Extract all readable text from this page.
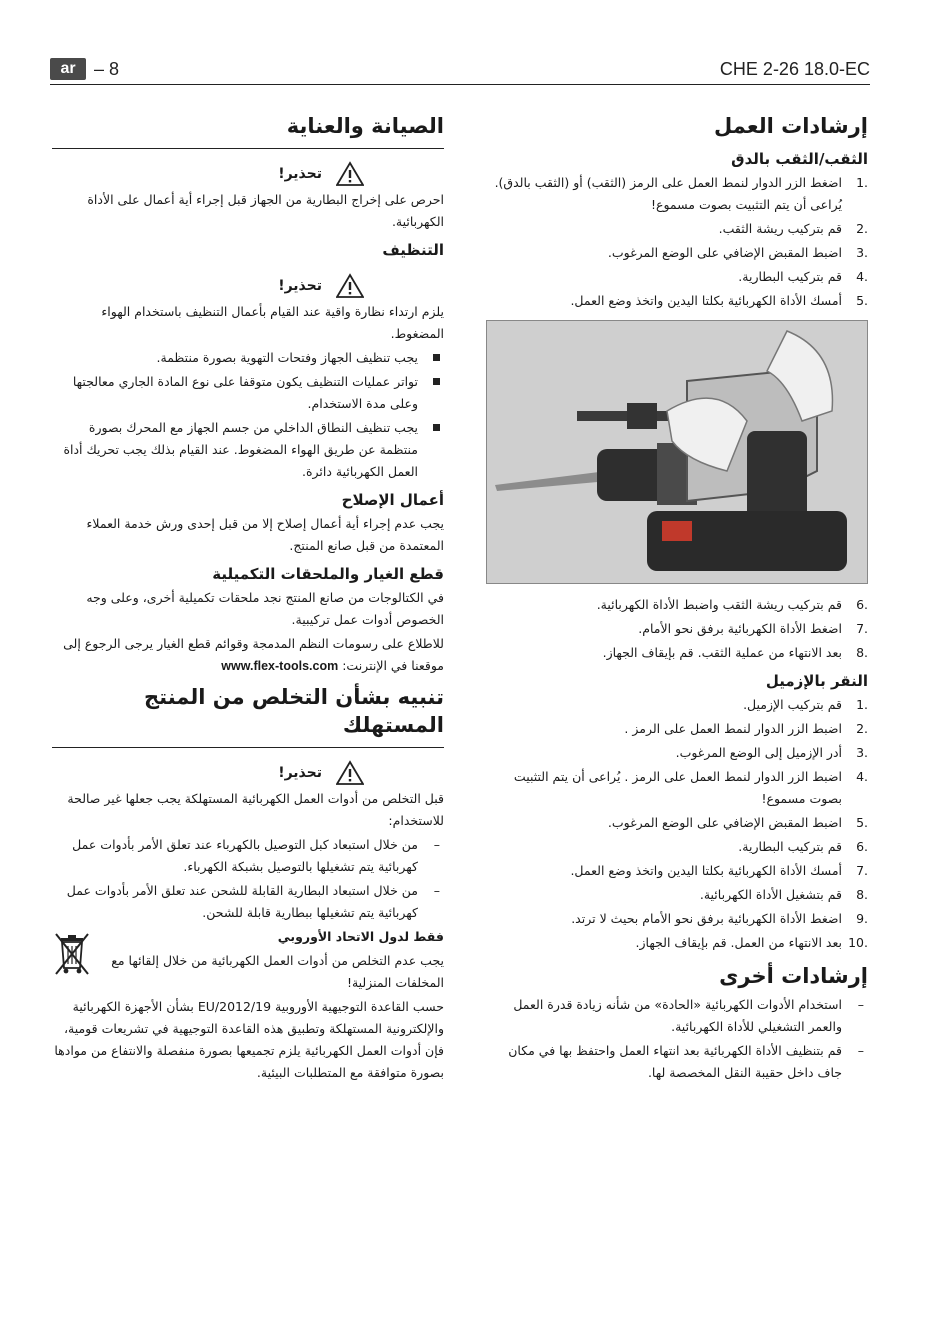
ar	– 8	CHE 2-26 18.0-EC
الصيانة والعناية
تحذير!
احرص على إخراج البطارية من الجهاز قبل إجراء أية أعمال على الأداة الكهربائية.
التنظيف
تحذير!
يلزم ارتداء نظارة واقية عند القيام بأعمال التنظيف باستخدام الهواء المضغوط.
يجب تنظيف الجهاز وفتحات التهوية بصورة منتظمة.
تواتر عمليات التنظيف يكون متوقفا على نوع المادة الجاري معالجتها وعلى مدة الاستخدام.
يجب تنظيف النطاق الداخلي من جسم الجهاز مع المحرك بصورة منتظمة عن طريق الهواء المضغوط. عند القيام بذلك يجب تحريك أداة العمل الكهربائية دائرة.
أعمال الإصلاح
يجب عدم إجراء أية أعمال إصلاح إلا من قبل إحدى ورش خدمة العملاء المعتمدة من قبل صانع المنتج.
قطع الغيار والملحقات التكميلية
في الكتالوجات من صانع المنتج نجد ملحقات تكميلية أخرى، وعلى وجه الخصوص أدوات عمل تركيبية.
للاطلاع على رسومات النظم المدمجة وقوائم قطع الغيار يرجى الرجوع إلى موقعنا في الإنترنت: www.flex-tools.com
تنبيه بشأن التخلص من المنتج المستهلك
تحذير!
قبل التخلص من أدوات العمل الكهربائية المستهلكة يجب جعلها غير صالحة للاستخدام:
– من خلال استبعاد كبل التوصيل بالكهرباء عند تعلق الأمر بأدوات عمل كهربائية يتم تشغيلها بالتوصيل بشبكة الكهرباء.
– من خلال استبعاد البطارية القابلة للشحن عند تعلق الأمر بأدوات عمل كهربائية يتم تشغيلها ببطارية قابلة للشحن.
فقط لدول الاتحاد الأوروبي
يجب عدم التخلص من أدوات العمل الكهربائية من خلال إلقائها مع المخلفات المنزلية!
حسب القاعدة التوجيهية الأوروبية 2012/19/EU بشأن الأجهزة الكهربائية والإلكترونية المستهلكة وتطبيق هذه القاعدة التوجيهية في تشريعات قومية، فإن أدوات العمل الكهربائية يلزم تجميعها بصورة منفصلة والانتفاع من موادها بصورة متوافقة مع المتطلبات البيئية.
إرشادات العمل
الثقب/الثقب بالدق
1.
اضغط الزر الدوار لنمط العمل على الرمز (الثقب) أو (الثقب بالدق). يُراعى أن يتم التثبيت بصوت مسموع!
2.
قم بتركيب ريشة الثقب.
3.
اضبط المقبض الإضافي على الوضع المرغوب.
4.
قم بتركيب البطارية.
5.
أمسك الأداة الكهربائية بكلتا اليدين واتخذ وضع العمل.
6.
قم بتركيب ريشة الثقب واضبط الأداة الكهربائية.
7.
اضغط الأداة الكهربائية برفق نحو الأمام.
8.
بعد الانتهاء من عملية الثقب. قم بإيقاف الجهاز.
النقر بالإزميل
1.
قم بتركيب الإزميل.
2.
اضبط الزر الدوار لنمط العمل على الرمز .
3.
أدر الإزميل إلى الوضع المرغوب.
4.
اضبط الزر الدوار لنمط العمل على الرمز . يُراعى أن يتم التثبيت بصوت مسموع!
5.
اضبط المقبض الإضافي على الوضع المرغوب.
6.
قم بتركيب البطارية.
7.
أمسك الأداة الكهربائية بكلتا اليدين واتخذ وضع العمل.
8.
قم بتشغيل الأداة الكهربائية.
9.
اضغط الأداة الكهربائية برفق نحو الأمام بحيث لا ترتد.
10.
بعد الانتهاء من العمل. قم بإيقاف الجهاز.
إرشادات أخرى
– استخدام الأدوات الكهربائية «الحادة» من شأنه زيادة قدرة العمل والعمر التشغيلي للأداة الكهربائية.
– قم بتنظيف الأداة الكهربائية بعد انتهاء العمل واحتفظ بها في مكان جاف داخل حقيبة النقل المخصصة لها.
